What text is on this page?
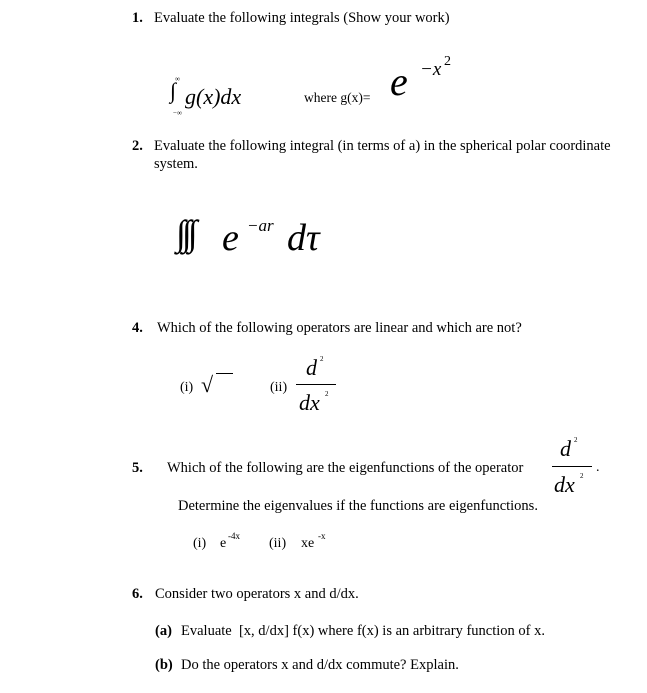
1. Evaluate the following integrals (Show your work)
∞
∫
−∞
g(x)dx	where g(x)= e −x 2
2. Evaluate the following integral (in terms of a) in the spherical polar coordinate
system.
∫∫∫ e −ar dτ
4. Which of the following operators are linear and which are not?
(i) √	(ii)
d 2
dx 2
5. Which of the following are the eigenfunctions of the operator
d 2
dx 2
.
Determine the eigenvalues if the functions are eigenfunctions.
(i) e -4x (ii) xe -x
6. Consider two operators x and d/dx.
(a) Evaluate  [x, d/dx] f(x) where f(x) is an arbitrary function of x.
(b) Do the operators x and d/dx commute? Explain.
